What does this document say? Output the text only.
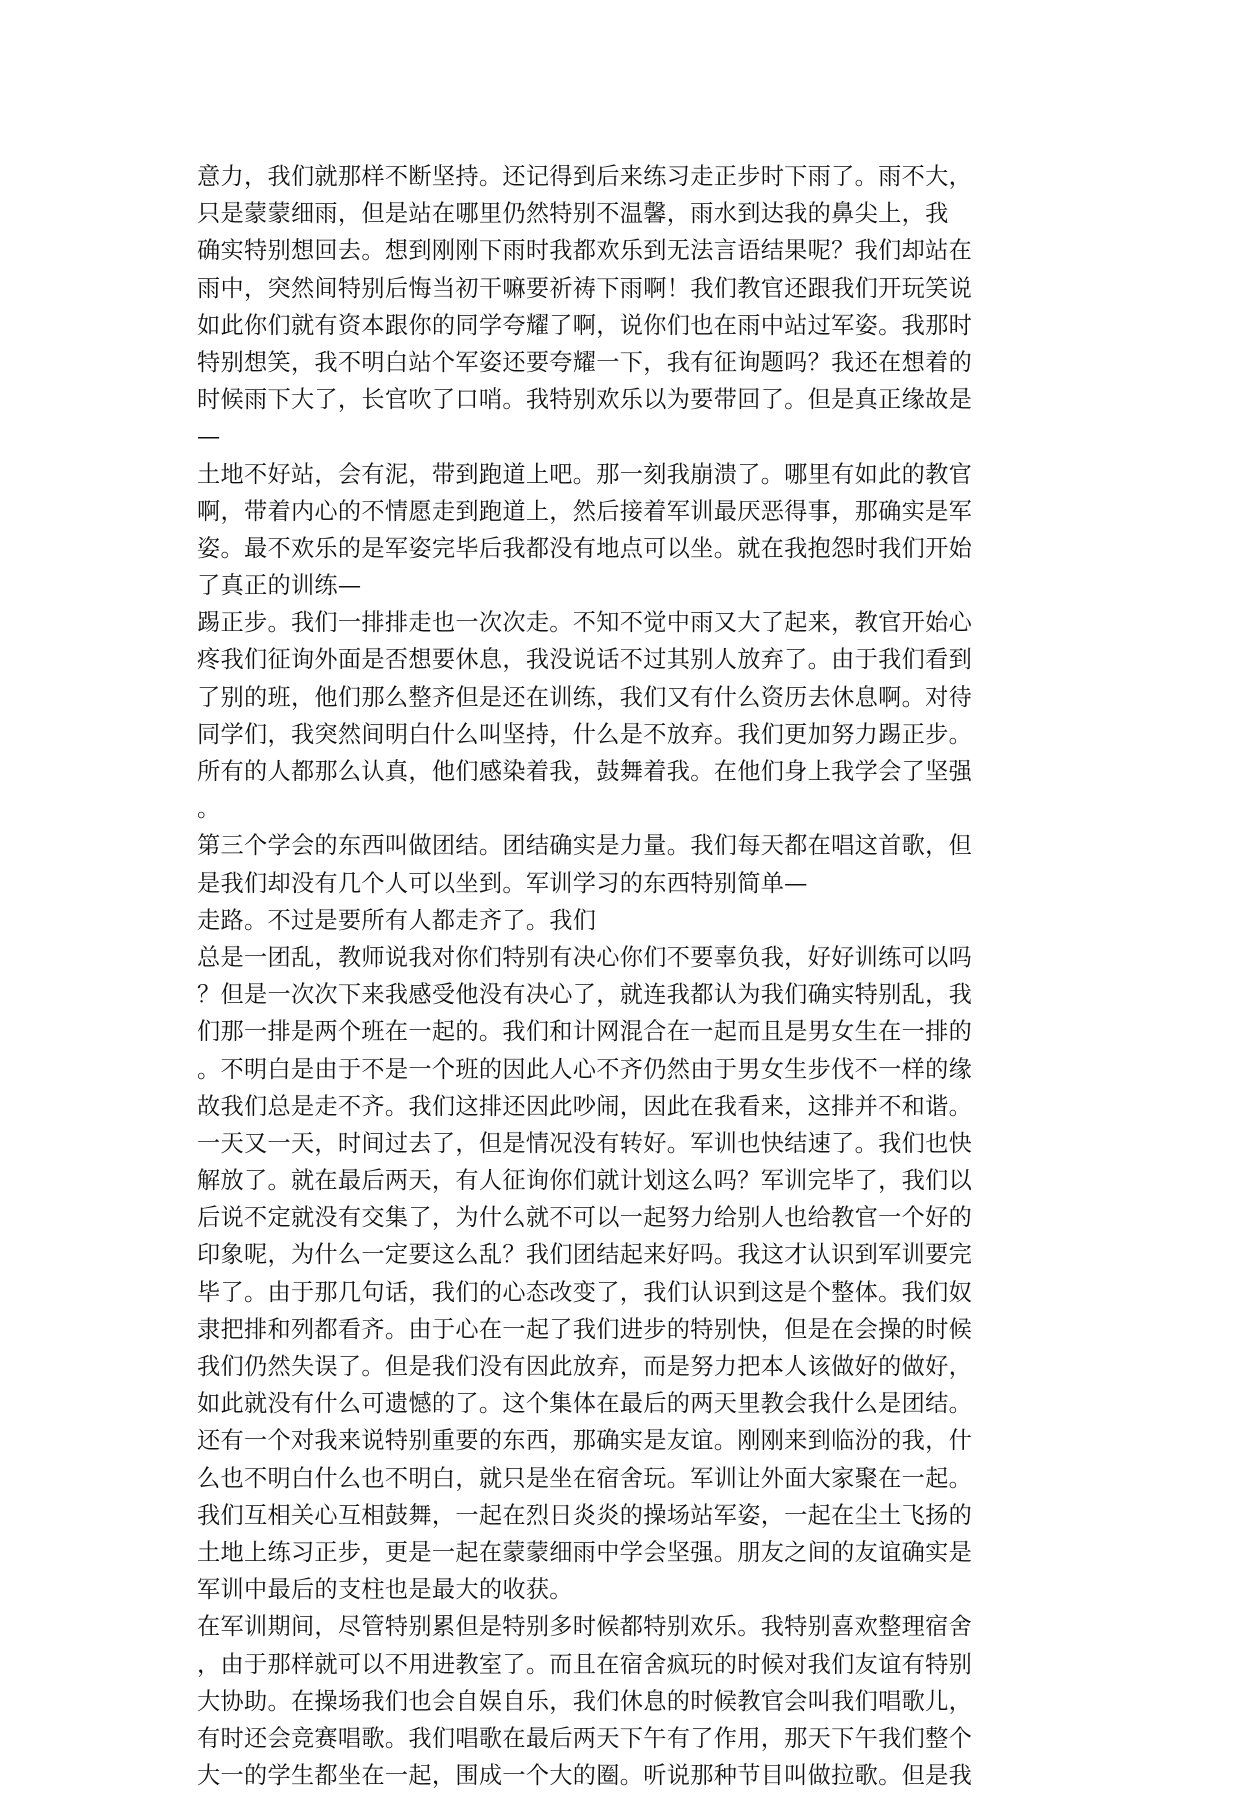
意力，我们就那样不断坚持。还记得到后来练习走正步时下雨了。雨不大，
只是蒙蒙细雨，但是站在哪里仍然特别不温馨，雨水到达我的鼻尖上，我
确实特别想回去。想到刚刚下雨时我都欢乐到无法言语结果呢？我们却站在
雨中，突然间特别后悔当初干嘛要祈祷下雨啊！我们教官还跟我们开玩笑说
如此你们就有资本跟你的同学夸耀了啊，说你们也在雨中站过军姿。我那时
特别想笑，我不明白站个军姿还要夸耀一下，我有征询题吗？我还在想着的
时候雨下大了，长官吹了口哨。我特别欢乐以为要带回了。但是真正缘故是
—
土地不好站，会有泥，带到跑道上吧。那一刻我崩溃了。哪里有如此的教官
啊，带着内心的不情愿走到跑道上，然后接着军训最厌恶得事，那确实是军
姿。最不欢乐的是军姿完毕后我都没有地点可以坐。就在我抱怨时我们开始
了真正的训练—
踢正步。我们一排排走也一次次走。不知不觉中雨又大了起来，教官开始心
疼我们征询外面是否想要休息，我没说话不过其别人放弃了。由于我们看到
了别的班，他们那么整齐但是还在训练，我们又有什么资历去休息啊。对待
同学们，我突然间明白什么叫坚持，什么是不放弃。我们更加努力踢正步。
所有的人都那么认真，他们感染着我，鼓舞着我。在他们身上我学会了坚强
。
第三个学会的东西叫做团结。团结确实是力量。我们每天都在唱这首歌，但
是我们却没有几个人可以坐到。军训学习的东西特别简单—
走路。不过是要所有人都走齐了。我们
总是一团乱，教师说我对你们特别有决心你们不要辜负我，好好训练可以吗
？但是一次次下来我感受他没有决心了，就连我都认为我们确实特别乱，我
们那一排是两个班在一起的。我们和计网混合在一起而且是男女生在一排的
。不明白是由于不是一个班的因此人心不齐仍然由于男女生步伐不一样的缘
故我们总是走不齐。我们这排还因此吵闹，因此在我看来，这排并不和谐。
一天又一天，时间过去了，但是情况没有转好。军训也快结速了。我们也快
解放了。就在最后两天，有人征询你们就计划这么吗？军训完毕了，我们以
后说不定就没有交集了，为什么就不可以一起努力给别人也给教官一个好的
印象呢，为什么一定要这么乱？我们团结起来好吗。我这才认识到军训要完
毕了。由于那几句话，我们的心态改变了，我们认识到这是个整体。我们奴
隶把排和列都看齐。由于心在一起了我们进步的特别快，但是在会操的时候
我们仍然失误了。但是我们没有因此放弃，而是努力把本人该做好的做好，
如此就没有什么可遗憾的了。这个集体在最后的两天里教会我什么是团结。
还有一个对我来说特别重要的东西，那确实是友谊。刚刚来到临汾的我，什
么也不明白什么也不明白，就只是坐在宿舍玩。军训让外面大家聚在一起。
我们互相关心互相鼓舞，一起在烈日炎炎的操场站军姿，一起在尘土飞扬的
土地上练习正步，更是一起在蒙蒙细雨中学会坚强。朋友之间的友谊确实是
军训中最后的支柱也是最大的收获。
在军训期间，尽管特别累但是特别多时候都特别欢乐。我特别喜欢整理宿舍
，由于那样就可以不用进教室了。而且在宿舍疯玩的时候对我们友谊有特别
大协助。在操场我们也会自娱自乐，我们休息的时候教官会叫我们唱歌儿，
有时还会竞赛唱歌。我们唱歌在最后两天下午有了作用，那天下午我们整个
大一的学生都坐在一起，围成一个大的圈。听说那种节目叫做拉歌。但是我
